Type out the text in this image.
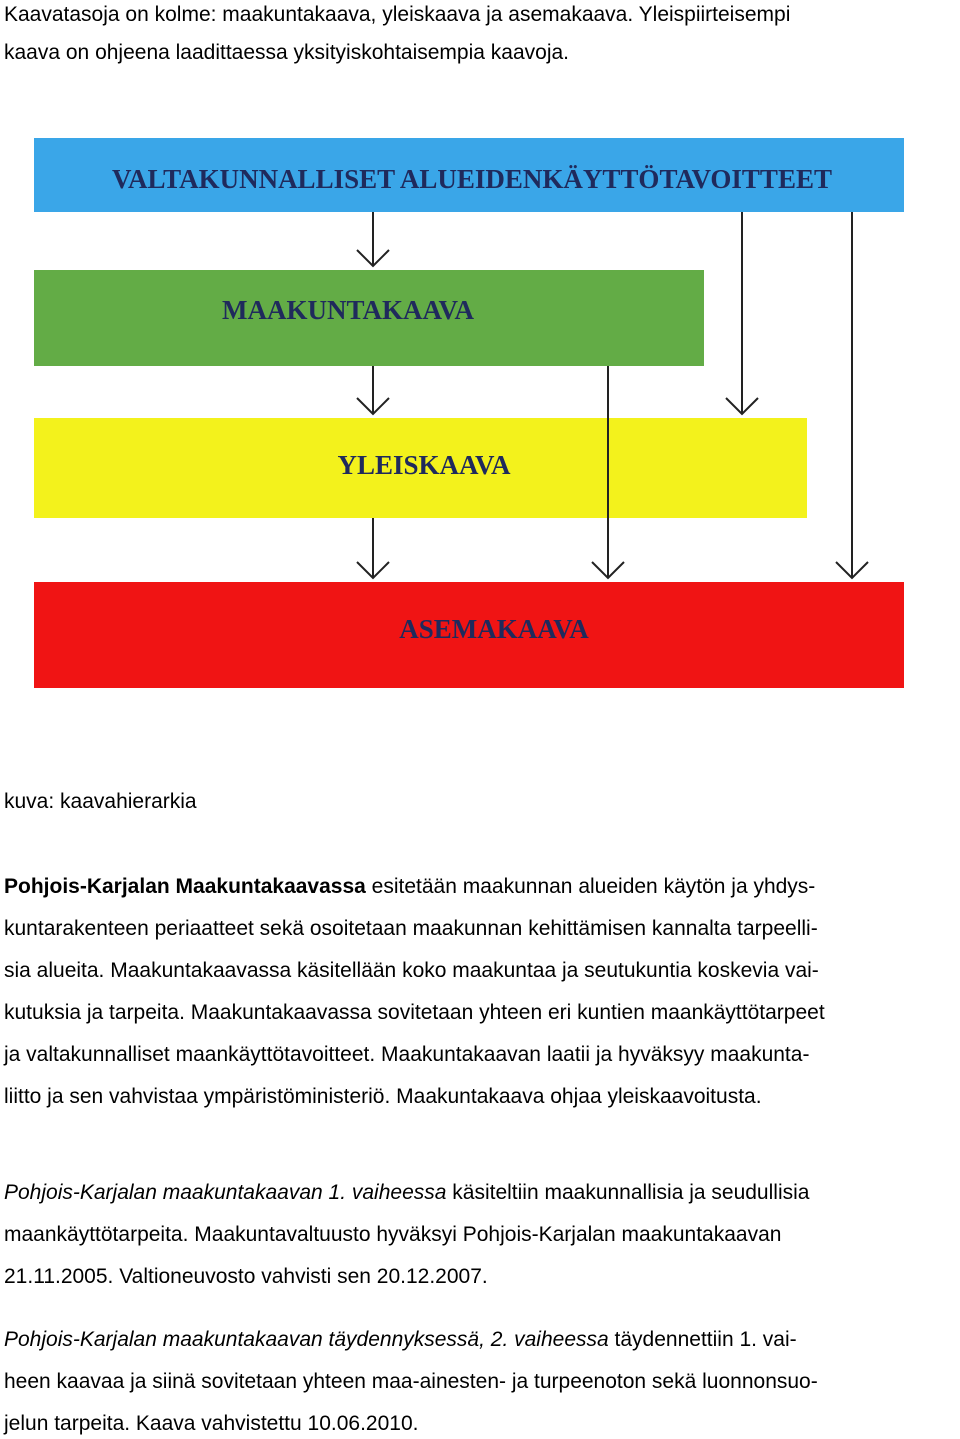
Kaavatasoja on kolme: maakuntakaava, yleiskaava ja asemakaava. Yleispiirteisempi

kaava on ohjeena laadittaessa yksityiskohtaisempia kaavoja.

VALTAKUNNALLISET ALUEIDENKÄYTTÖTAVOITTEET
MAAKUNTAKAAVA
YLEISKAAVA
ASEMAKAAVA

kuva: kaavahierarkia

Pohjois-Karjalan Maakuntakaavassa esitetään maakunnan alueiden käytön ja yhdys-

kuntarakenteen periaatteet sekä osoitetaan maakunnan kehittämisen kannalta tarpeelli-

sia alueita. Maakuntakaavassa käsitellään koko maakuntaa ja seutukuntia koskevia vai-

kutuksia ja tarpeita. Maakuntakaavassa sovitetaan yhteen eri kuntien maankäyttötarpeet

ja valtakunnalliset maankäyttötavoitteet. Maakuntakaavan laatii ja hyväksyy maakunta-

liitto ja sen vahvistaa ympäristöministeriö. Maakuntakaava ohjaa yleiskaavoitusta.

Pohjois-Karjalan maakuntakaavan 1. vaiheessa käsiteltiin maakunnallisia ja seudullisia

maankäyttötarpeita. Maakuntavaltuusto hyväksyi Pohjois-Karjalan maakuntakaavan

21.11.2005. Valtioneuvosto vahvisti sen 20.12.2007.

Pohjois-Karjalan maakuntakaavan täydennyksessä, 2. vaiheessa täydennettiin 1. vai-

heen kaavaa ja siinä sovitetaan yhteen maa-ainesten- ja turpeenoton sekä luonnonsuo-

jelun tarpeita. Kaava vahvistettu 10.06.2010.
